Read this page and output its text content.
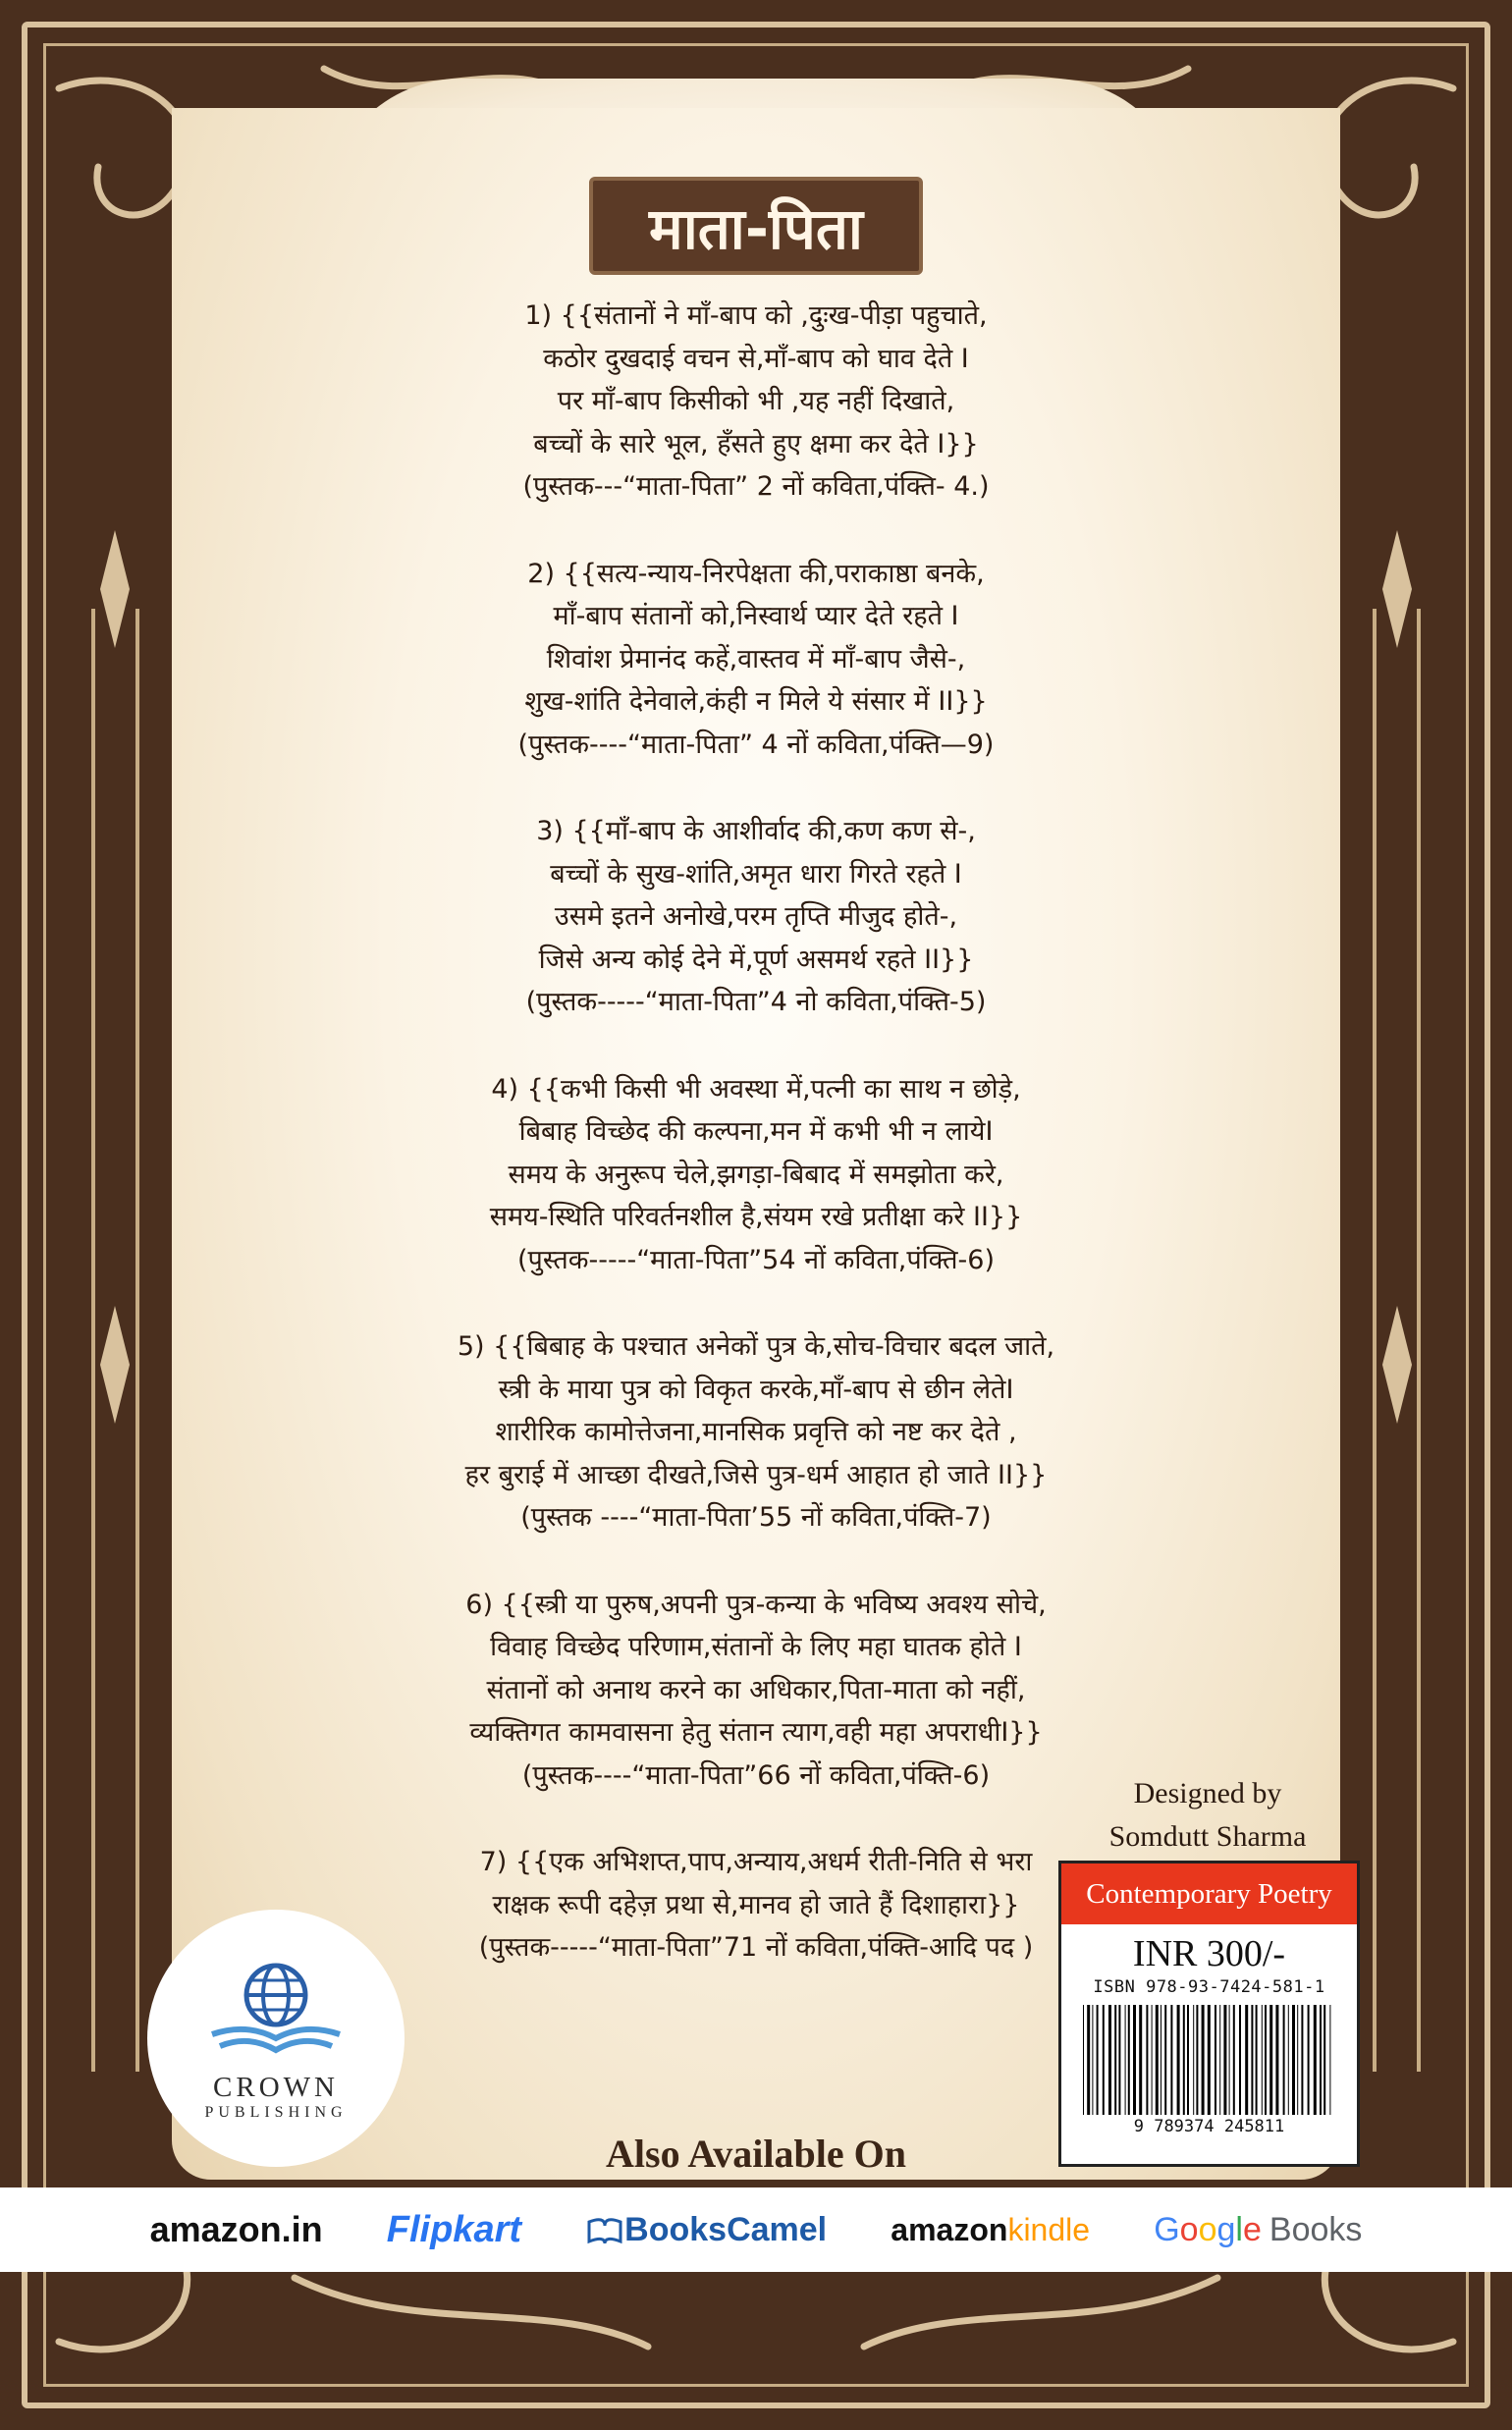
माता-पिता
1) {{संतानों ने माँ-बाप को ,दुःख-पीड़ा पहुचाते,
कठोर दुखदाई वचन से,माँ-बाप को घाव देते I
पर माँ-बाप किसीको भी ,यह नहीं दिखाते,
बच्चों के सारे भूल, हँसते हुए क्षमा कर देते I}}
(पुस्तक---“माता-पिता” 2 नों कविता,पंक्ति- 4.)
2) {{सत्य-न्याय-निरपेक्षता की,पराकाष्ठा बनके,
माँ-बाप संतानों को,निस्वार्थ प्यार देते रहते I
शिवांश प्रेमानंद कहें,वास्तव में माँ-बाप जैसे-,
शुख-शांति देनेवाले,कंही न मिले ये संसार में II}}
(पुस्तक----“माता-पिता” 4 नों कविता,पंक्ति—9)
3) {{माँ-बाप के आशीर्वाद की,कण कण से-,
बच्चों के सुख-शांति,अमृत धारा गिरते रहते I
उसमे इतने अनोखे,परम तृप्ति मीजुद होते-,
जिसे अन्य कोई देने में,पूर्ण असमर्थ रहते II}}
(पुस्तक-----“माता-पिता”4 नो कविता,पंक्ति-5)
4) {{कभी किसी भी अवस्था में,पत्नी का साथ न छोड़े,
बिबाह विच्छेद की कल्पना,मन में कभी भी न लायेI
समय के अनुरूप चेले,झगड़ा-बिबाद में समझोता करे,
समय-स्थिति परिवर्तनशील है,संयम रखे प्रतीक्षा करे II}}
(पुस्तक-----“माता-पिता”54 नों कविता,पंक्ति-6)
5) {{बिबाह के पश्चात अनेकों पुत्र के,सोच-विचार बदल जाते,
स्त्री के माया पुत्र को विकृत करके,माँ-बाप से छीन लेतेI
शारीरिक कामोत्तेजना,मानसिक प्रवृत्ति को नष्ट कर देते ,
हर बुराई में आच्छा दीखते,जिसे पुत्र-धर्म आहात हो जाते II}}
(पुस्तक ----“माता-पिता’55 नों कविता,पंक्ति-7)
6) {{स्त्री या पुरुष,अपनी पुत्र-कन्या के भविष्य अवश्य सोचे,
विवाह विच्छेद परिणाम,संतानों के लिए महा घातक होते I
संतानों को अनाथ करने का अधिकार,पिता-माता को नहीं,
व्यक्तिगत कामवासना हेतु संतान त्याग,वही महा अपराधीI}}
(पुस्तक----“माता-पिता”66 नों कविता,पंक्ति-6)
7) {{एक अभिशप्त,पाप,अन्याय,अधर्म रीती-निति से भरा
राक्षक रूपी दहेज़ प्रथा से,मानव हो जाते हैं दिशाहारा}}
(पुस्तक-----“माता-पिता”71 नों कविता,पंक्ति-आदि पद )
Designed by
Somdutt Sharma
Contemporary Poetry
INR 300/-
ISBN 978-93-7424-581-1
9 789374 245811
CROWN
PUBLISHING
Also Available On
amazon.in Flipkart	BooksCamel amazon kindle G o o g l e Books
